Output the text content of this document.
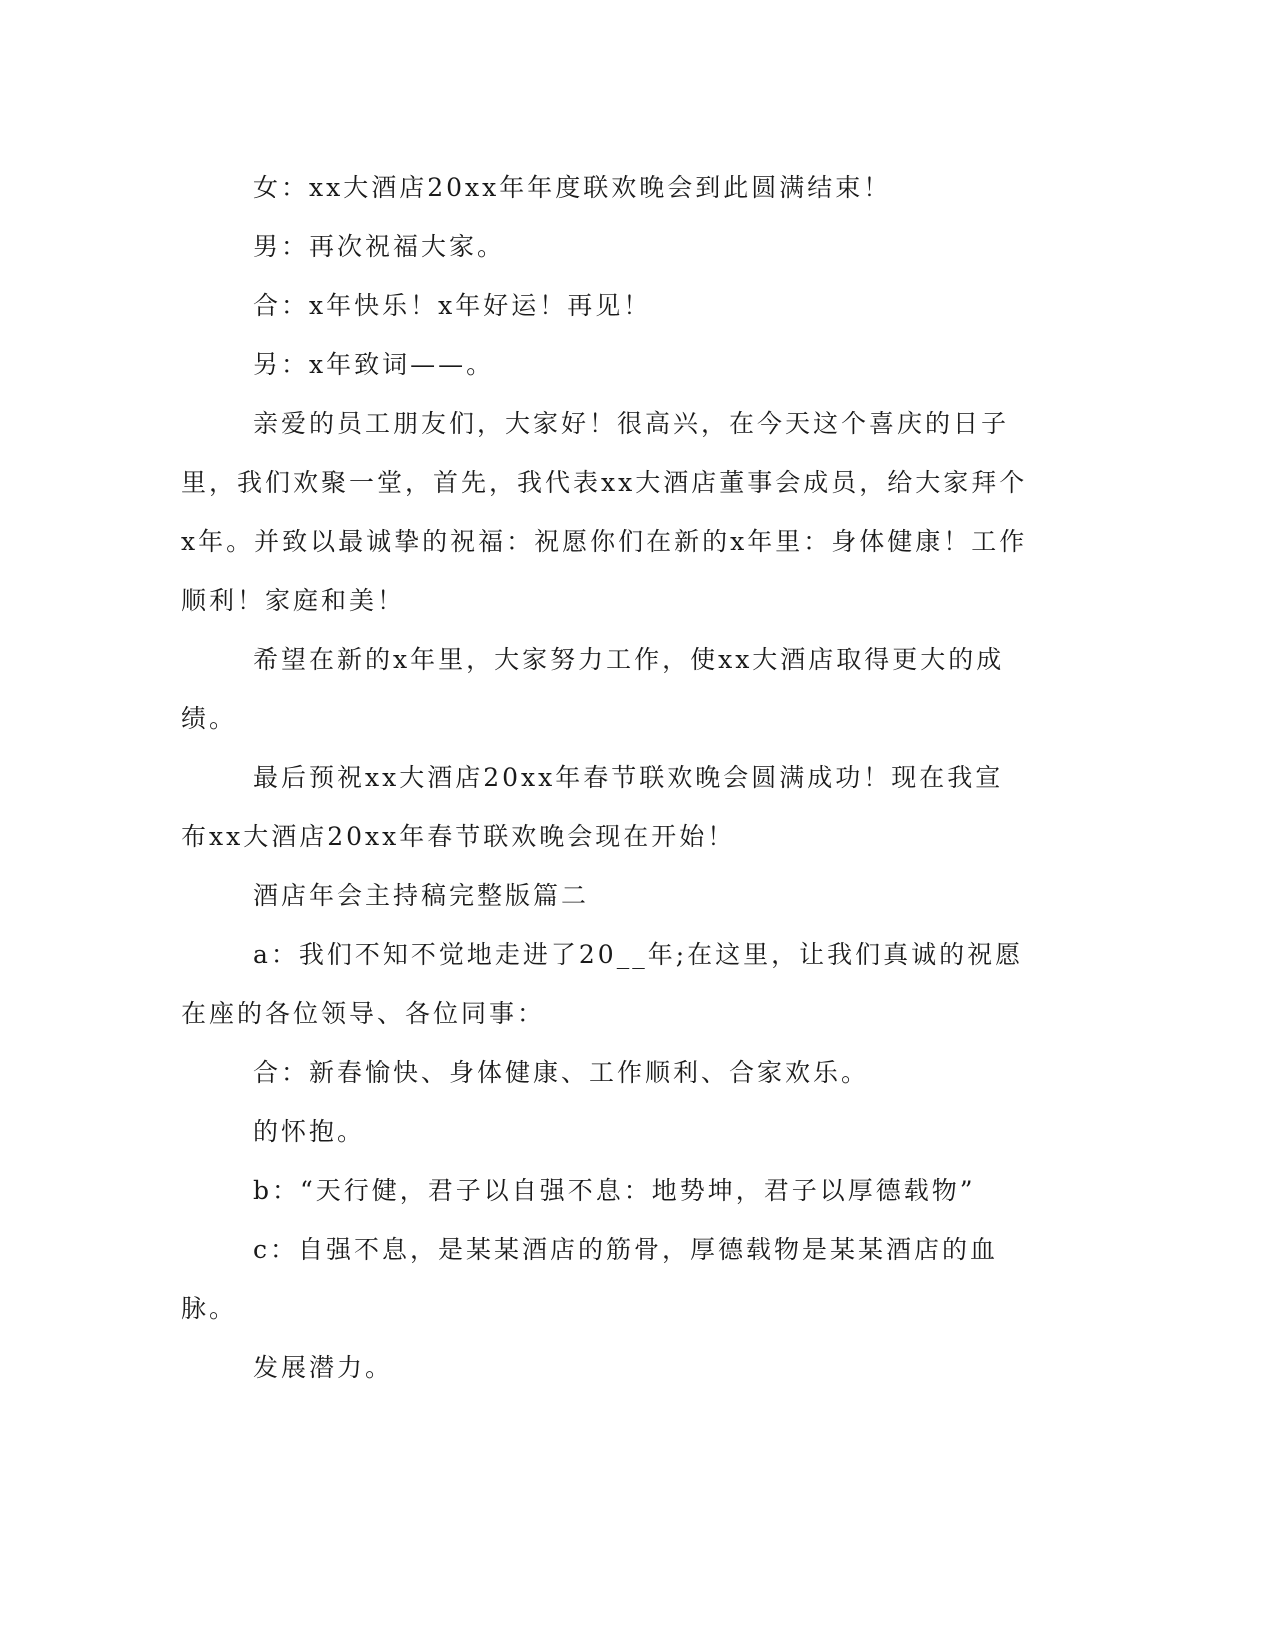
女：xx大酒店20xx年年度联欢晚会到此圆满结束！

男：再次祝福大家。

合：x年快乐！x年好运！再见！

另：x年致词——。

亲爱的员工朋友们，大家好！很高兴，在今天这个喜庆的日子里，我们欢聚一堂，首先，我代表xx大酒店董事会成员，给大家拜个x年。并致以最诚挚的祝福：祝愿你们在新的x年里：身体健康！工作顺利！家庭和美！

希望在新的x年里，大家努力工作，使xx大酒店取得更大的成绩。

最后预祝xx大酒店20xx年春节联欢晚会圆满成功！现在我宣布xx大酒店20xx年春节联欢晚会现在开始！

酒店年会主持稿完整版篇二

a：我们不知不觉地走进了20__年;在这里，让我们真诚的祝愿在座的各位领导、各位同事：

合：新春愉快、身体健康、工作顺利、合家欢乐。

的怀抱。

b：“天行健，君子以自强不息：地势坤，君子以厚德载物”

c：自强不息，是某某酒店的筋骨，厚德载物是某某酒店的血脉。

发展潜力。
